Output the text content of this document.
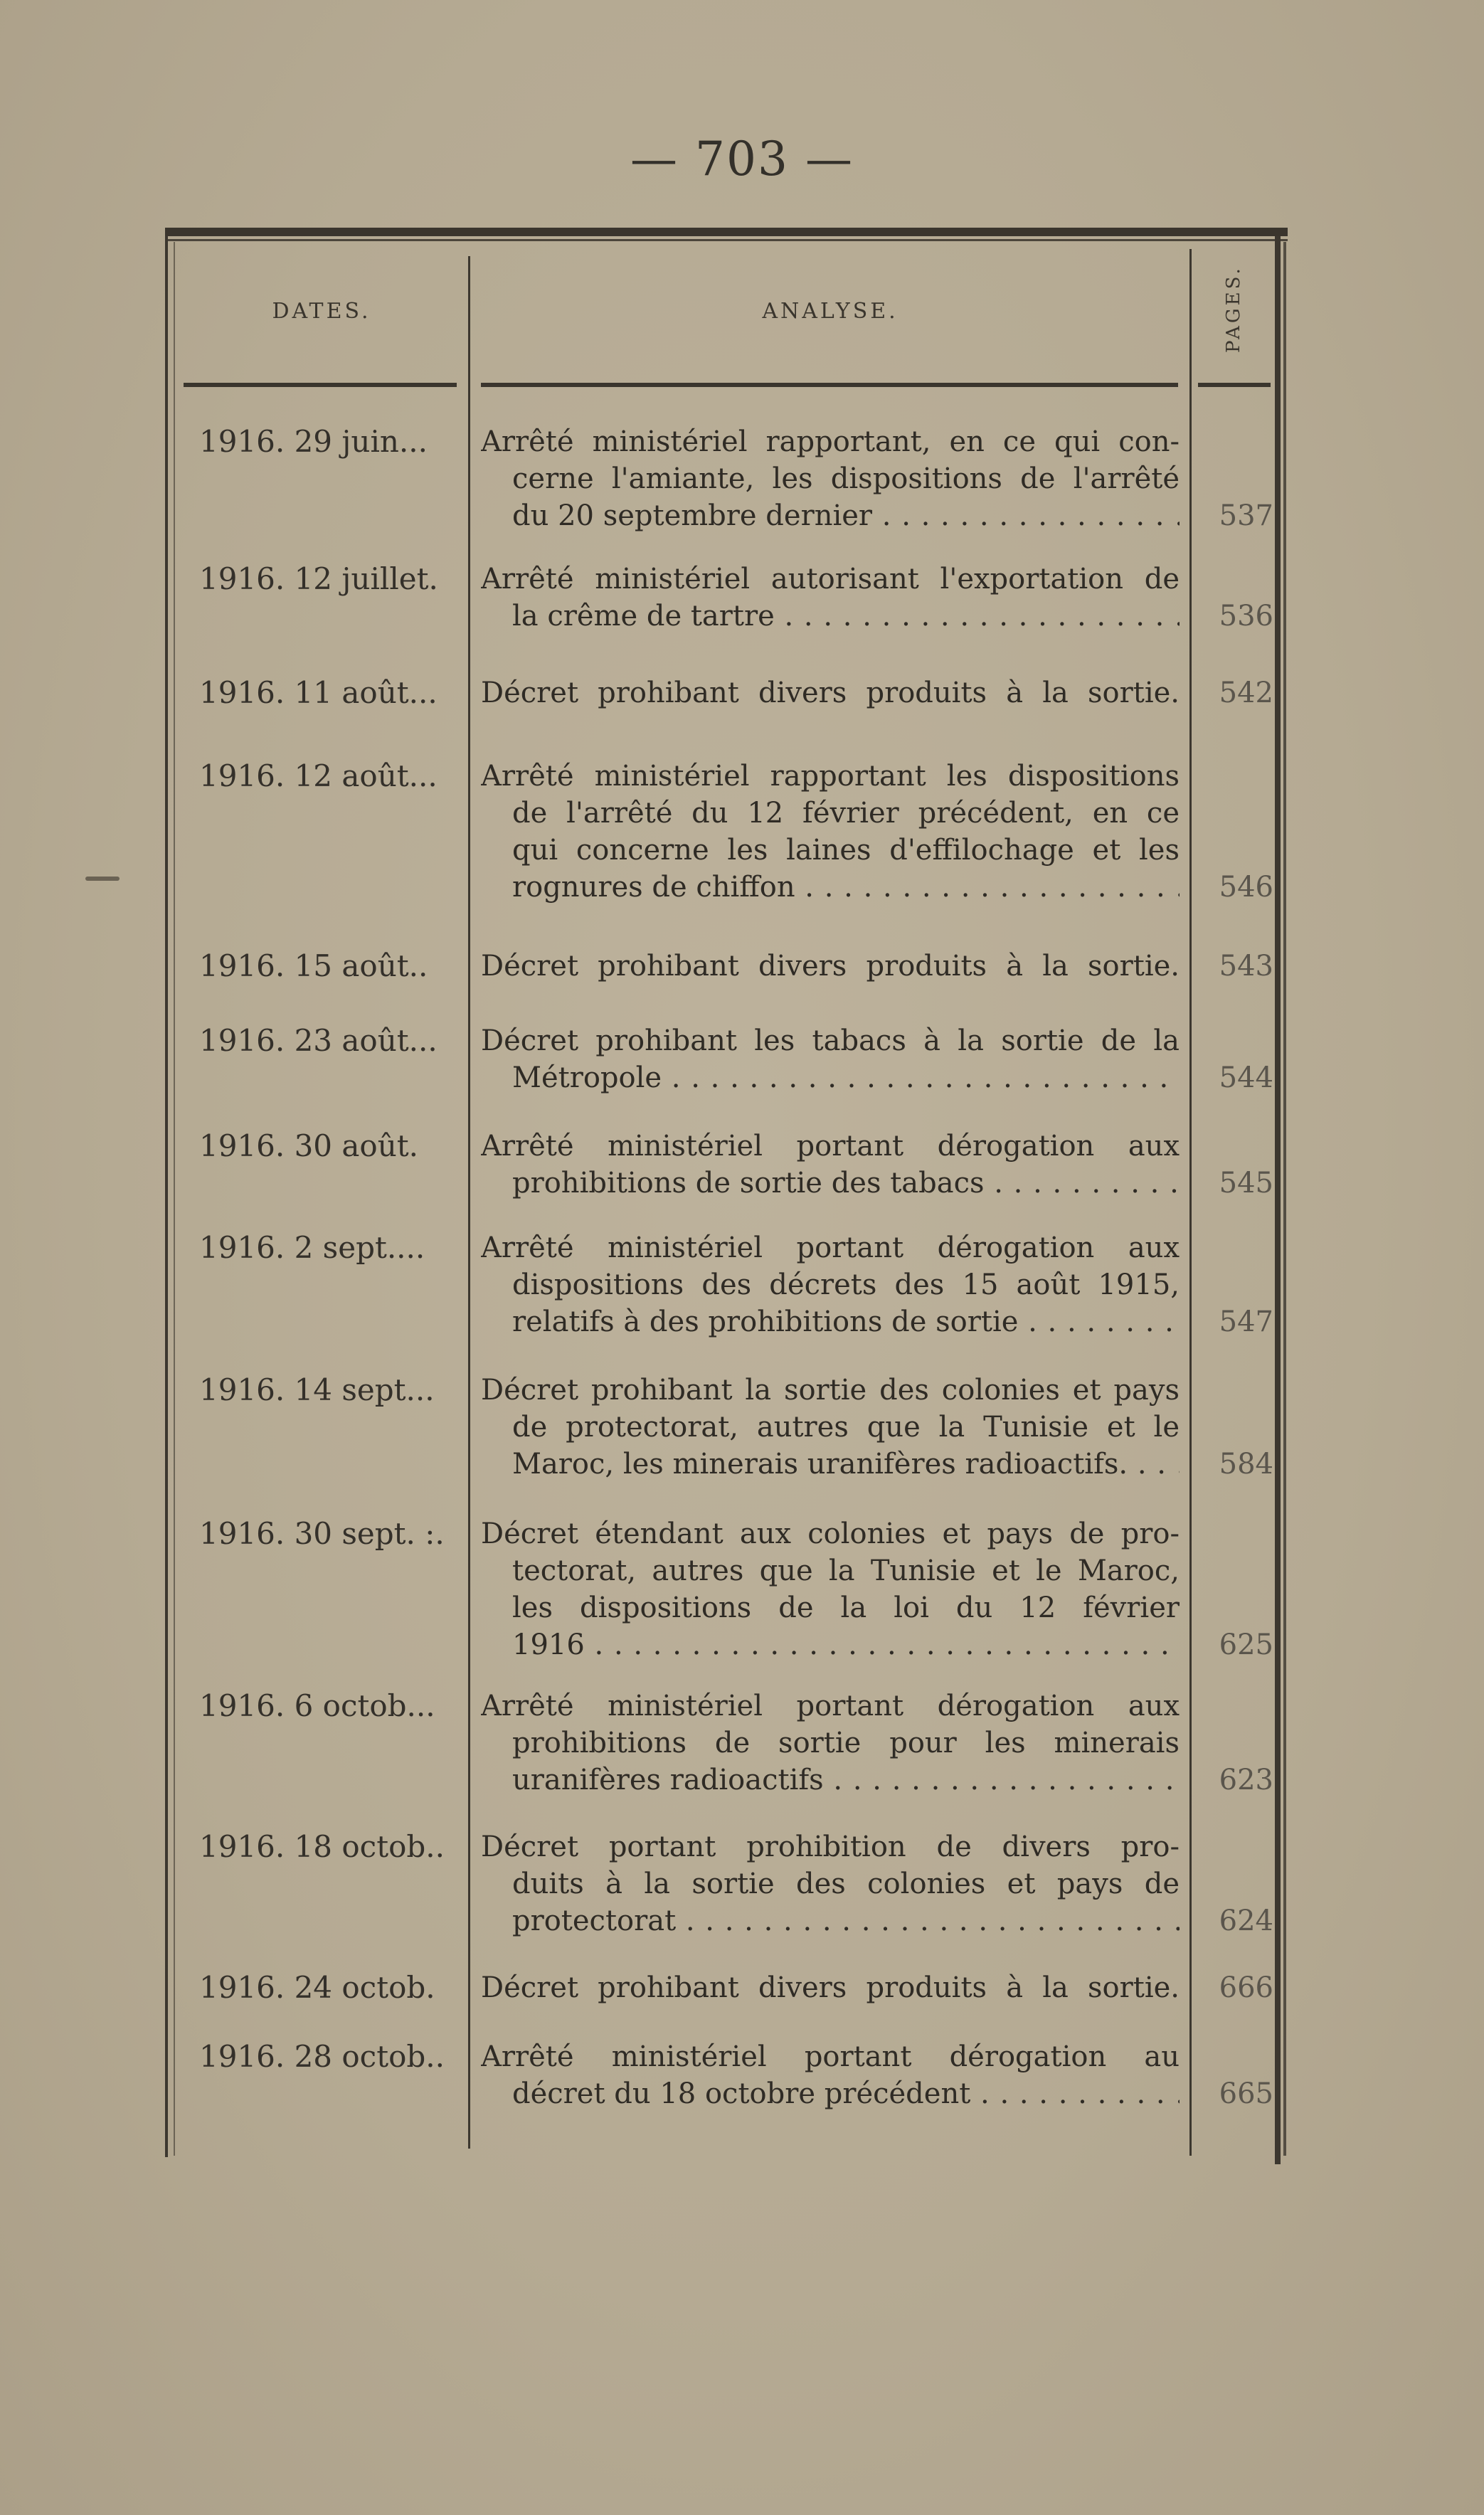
— 703 —
DATES.	ANALYSE.	PAGES.
1916. 29 juin...	Arrêté ministériel rapportant, en ce qui con-
cerne l'amiante, les dispositions de l'arrêté
du 20 septembre dernier . . .	537
1916. 12 juillet.	Arrêté ministériel autorisant l'exportation de
la crême de tartre . . .	536
1916. 11 août...	Décret prohibant divers produits à la sortie.	542
1916. 12 août...	Arrêté ministériel rapportant les dispositions
de l'arrêté du 12 février précédent, en ce
qui concerne les laines d'effilochage et les
rognures de chiffon . . .	546
1916. 15 août..	Décret prohibant divers produits à la sortie.	543
1916. 23 août...	Décret prohibant les tabacs à la sortie de la
Métropole . . .	544
1916. 30 août.	Arrêté ministériel portant dérogation aux
prohibitions de sortie des tabacs . . .	545
1916. 2 sept....	Arrêté ministériel portant dérogation aux
dispositions des décrets des 15 août 1915,
relatifs à des prohibitions de sortie . . .	547
1916. 14 sept...	Décret prohibant la sortie des colonies et pays
de protectorat, autres que la Tunisie et le
Maroc, les minerais uranifères radioactifs. . . .	584
1916. 30 sept. :.	Décret étendant aux colonies et pays de pro-
tectorat, autres que la Tunisie et le Maroc,
les dispositions de la loi du 12 février
1916 . . .	625
1916. 6 octob...	Arrêté ministériel portant dérogation aux
prohibitions de sortie pour les minerais
uranifères radioactifs . . .	623
1916. 18 octob..	Décret portant prohibition de divers pro-
duits à la sortie des colonies et pays de
protectorat . . .	624
1916. 24 octob.	Décret prohibant divers produits à la sortie.	666
1916. 28 octob..	Arrêté ministériel portant dérogation au
décret du 18 octobre précédent . . .	665
